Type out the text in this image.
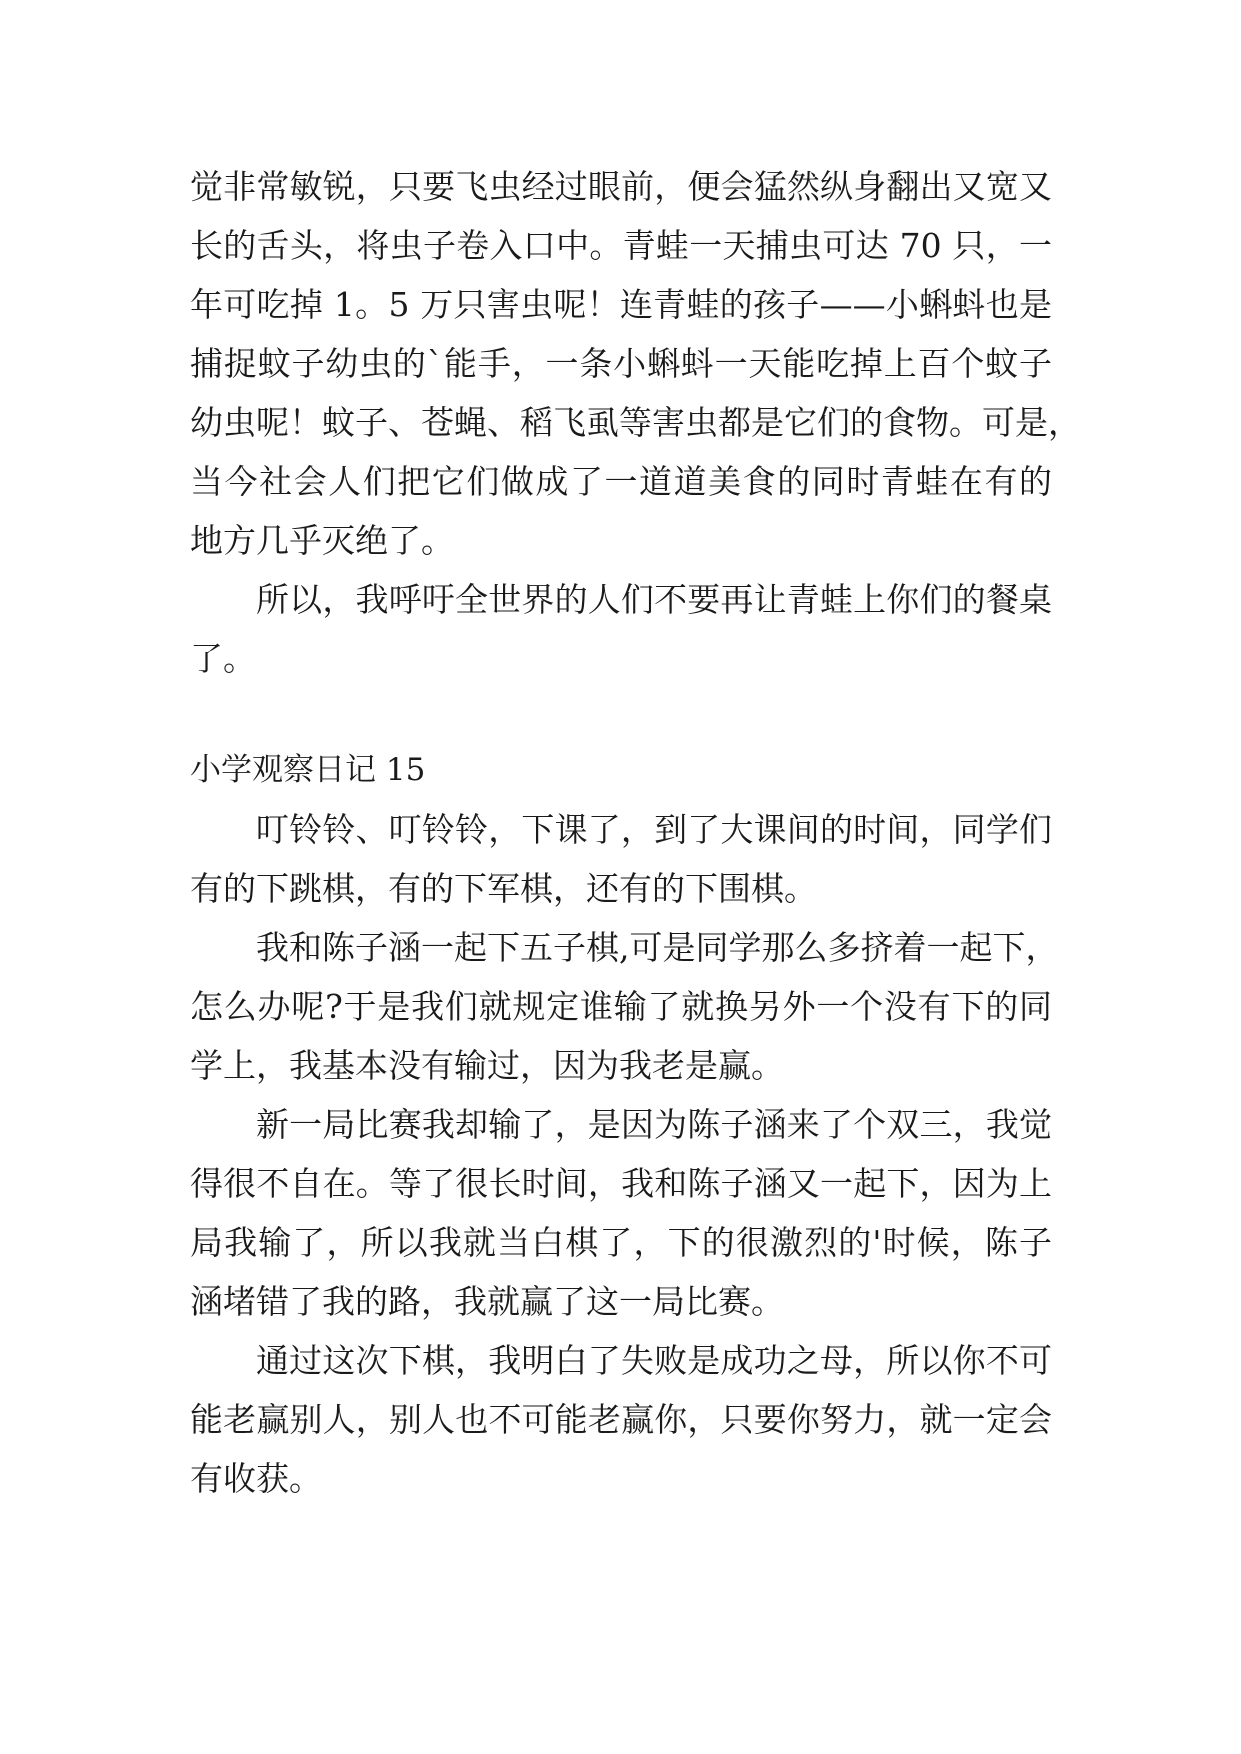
觉非常敏锐，只要飞虫经过眼前，便会猛然纵身翻出又宽又
长的舌头，将虫子卷入口中。青蛙一天捕虫可达 70 只，一
年可吃掉 1。5 万只害虫呢！连青蛙的孩子——小蝌蚪也是
捕捉蚊子幼虫的`能手，一条小蝌蚪一天能吃掉上百个蚊子
幼虫呢！蚊子、苍蝇、稻飞虱等害虫都是它们的食物。可是，
当今社会人们把它们做成了一道道美食的同时青蛙在有的
地方几乎灭绝了。
所以，我呼吁全世界的人们不要再让青蛙上你们的餐桌
了。
小学观察日记 15
叮铃铃、叮铃铃，下课了，到了大课间的时间，同学们
有的下跳棋，有的下军棋，还有的下围棋。
我和陈子涵一起下五子棋,可是同学那么多挤着一起下，
怎么办呢?于是我们就规定谁输了就换另外一个没有下的同
学上，我基本没有输过，因为我老是赢。
新一局比赛我却输了，是因为陈子涵来了个双三，我觉
得很不自在。等了很长时间，我和陈子涵又一起下，因为上
局我输了，所以我就当白棋了，下的很激烈的'时候，陈子
涵堵错了我的路，我就赢了这一局比赛。
通过这次下棋，我明白了失败是成功之母，所以你不可
能老赢别人，别人也不可能老赢你，只要你努力，就一定会
有收获。
